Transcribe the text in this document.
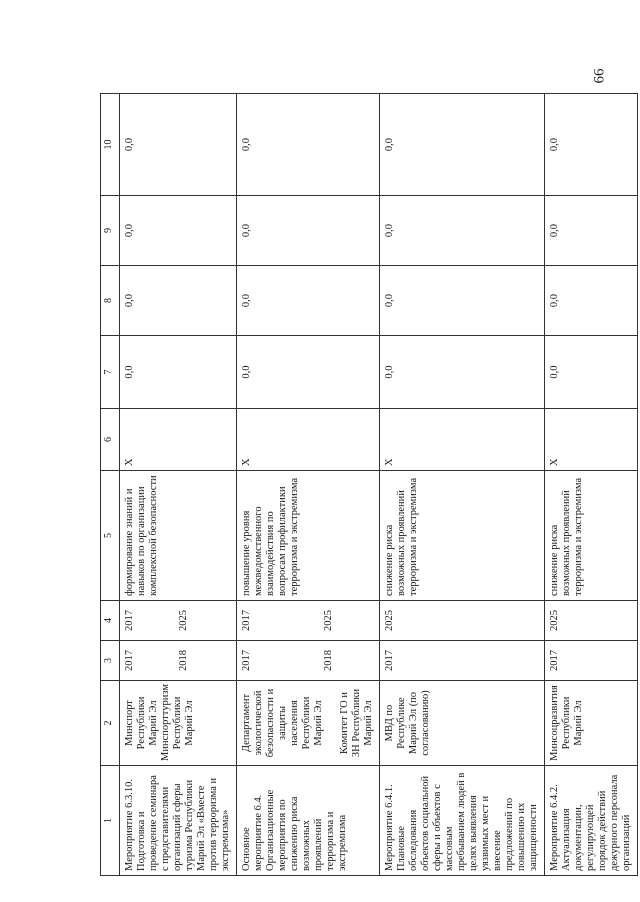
66
1	2	3	4	5	6	7	8	9	10
Мероприятие 6.3.10. Подготовка и проведение семинара с представителями организаций сферы туризма Республики Марий Эл «Вместе против терроризма и экстремизма»	Минспорт Республики Марий Эл Минспорттуризм Республики Марий Эл	2017 2018	2017 2025	формирование знаний и навыков по организации комплексной безопасности	X	0,0	0,0	0,0	0,0
Основное мероприятие 6.4. Организационные мероприятия по снижению риска возможных проявлений терроризма и экстремизма	Департамент экологической безопасности и защиты населения Республики Марий Эл Комитет ГО и ЗН Республики Марий Эл	2017 2018	2017 2025	повышение уровня межведомственного взаимодействия по вопросам профилактики терроризма и экстремизма	X	0,0	0,0	0,0	0,0
Мероприятие 6.4.1. Плановые обследования объектов социальной сферы и объектов с массовым пребыванием людей в целях выявления уязвимых мест и внесение предложений по повышению их защищенности	МВД по Республике Марий Эл (по согласованию)	2017	2025	снижение риска возможных проявлений терроризма и экстремизма	X	0,0	0,0	0,0	0,0
Мероприятие 6.4.2. Актуализация документации, регулирующей порядок действий дежурного персонала организаций	Минсоцразвития Республики Марий Эл	2017	2025	снижение риска возможных проявлений терроризма и экстремизма	X	0,0	0,0	0,0	0,0
